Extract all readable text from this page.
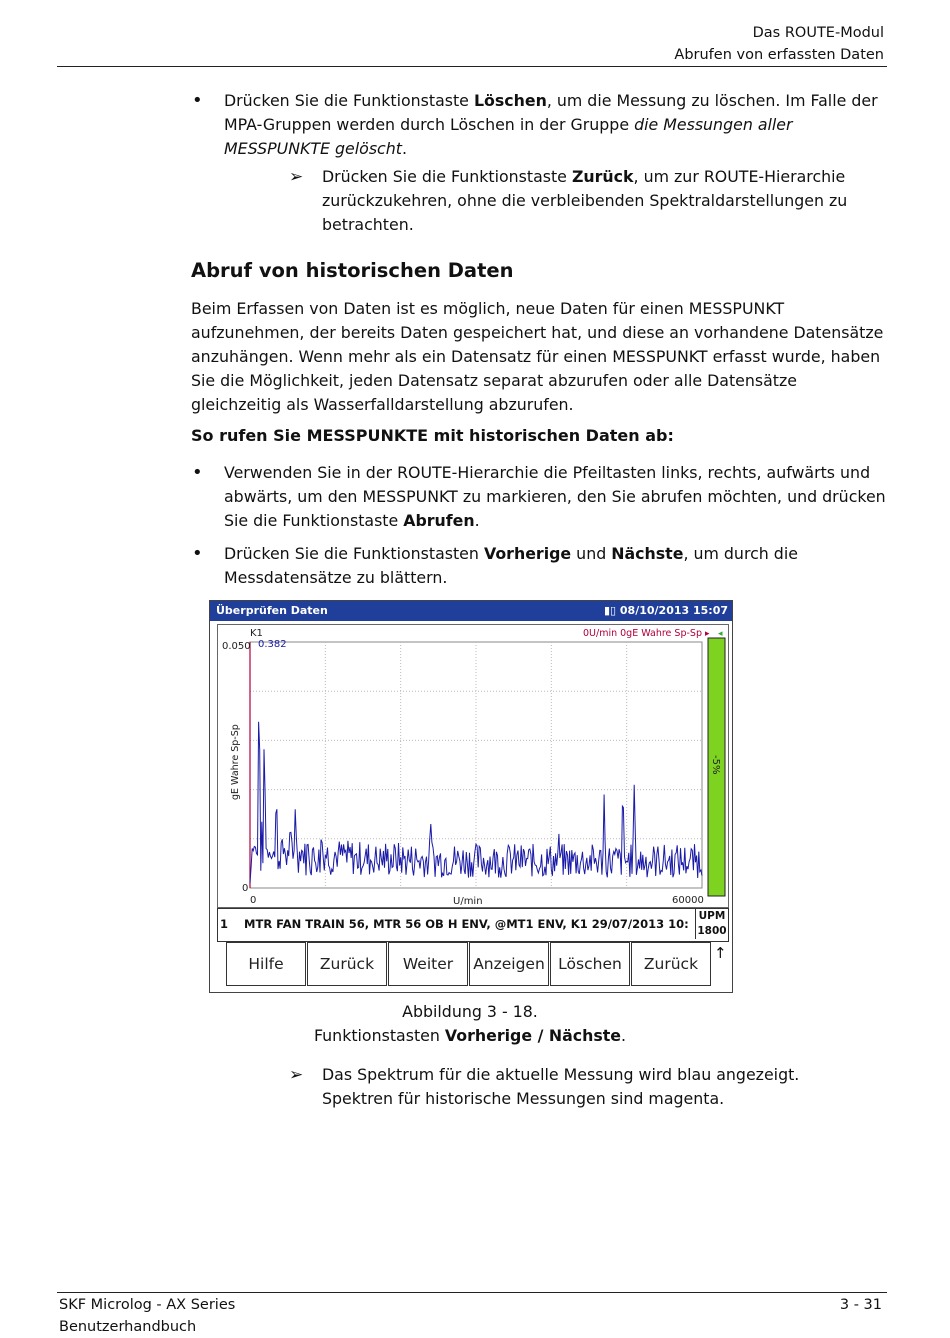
Das ROUTE-Modul
Abrufen von erfassten Daten
• Drücken Sie die Funktionstaste Löschen, um die Messung zu löschen. Im Falle der MPA-Gruppen werden durch Löschen in der Gruppe die Messungen aller MESSPUNKTE gelöscht.

➢ Drücken Sie die Funktionstaste Zurück, um zur ROUTE-Hierarchie zurückzukehren, ohne die verbleibenden Spektraldarstellungen zu betrachten.

Abruf von historischen Daten

Beim Erfassen von Daten ist es möglich, neue Daten für einen MESSPUNKT aufzunehmen, der bereits Daten gespeichert hat, und diese an vorhandene Datensätze anzuhängen. Wenn mehr als ein Datensatz für einen MESSPUNKT erfasst wurde, haben Sie die Möglichkeit, jeden Datensatz separat abzurufen oder alle Datensätze gleichzeitig als Wasserfalldarstellung abzurufen.

So rufen Sie MESSPUNKTE mit historischen Daten ab:
• Verwenden Sie in der ROUTE-Hierarchie die Pfeiltasten links, rechts, aufwärts und abwärts, um den MESSPUNKT zu markieren, den Sie abrufen möchten, und drücken Sie die Funktionstaste Abrufen.

• Drücken Sie die Funktionstasten Vorherige und Nächste, um durch die Messdatensätze zu blättern.

Überprüfen Daten	▮▯ 08/10/2013 15:07
K1
0.382
0U/min 0gE Wahre Sp-Sp
0.050
0
0	60000
U/min
gE Wahre Sp-Sp	-5%
▸ ◂
1 MTR FAN TRAIN 56, MTR 56 OB H ENV, @MT1 ENV, K1 29/07/2013 10:
UPM
1800
Hilfe	Zurück	Weiter	Anzeigen Löschen	Zurück
↑
Abbildung 3 - 18.
Funktionstasten Vorherige / Nächste.
➢ Das Spektrum für die aktuelle Messung wird blau angezeigt. Spektren für historische Messungen sind magenta.

SKF Microlog - AX Series
Benutzerhandbuch
3 - 31
